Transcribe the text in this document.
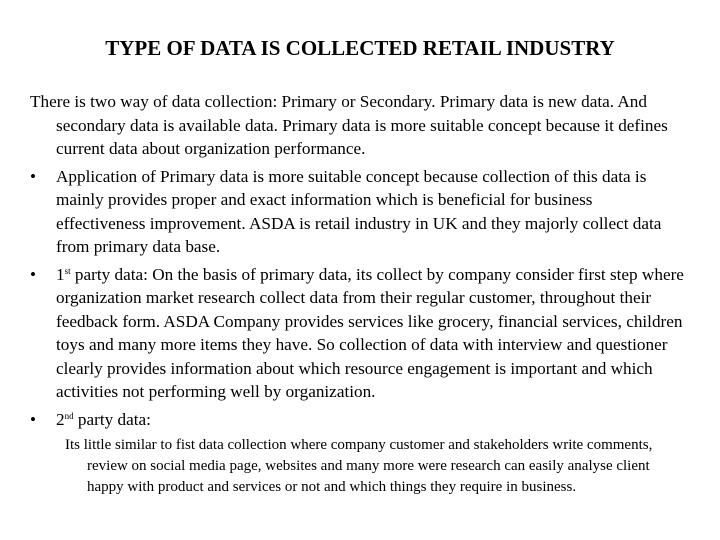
TYPE OF DATA IS COLLECTED RETAIL INDUSTRY

There is two way of data collection: Primary or Secondary. Primary data is new data. And secondary data is available data. Primary data is more suitable concept because it defines current data about organization performance.

• Application of Primary data is more suitable concept because collection of this data is mainly provides proper and exact information which is beneficial for business effectiveness improvement. ASDA is retail industry in UK and they majorly collect data from primary data base.
• 1st party data: On the basis of primary data, its collect by company consider first step where organization market research collect data from their regular customer, throughout their feedback form. ASDA Company provides services like grocery, financial services, children toys and many more items they have. So collection of data with interview and questioner clearly provides information about which resource engagement is important and which activities not performing well by organization.
• 2nd party data:

Its little similar to fist data collection where company customer and stakeholders write comments, review on social media page, websites and many more were research can easily analyse client happy with product and services or not and which things they require in business.
